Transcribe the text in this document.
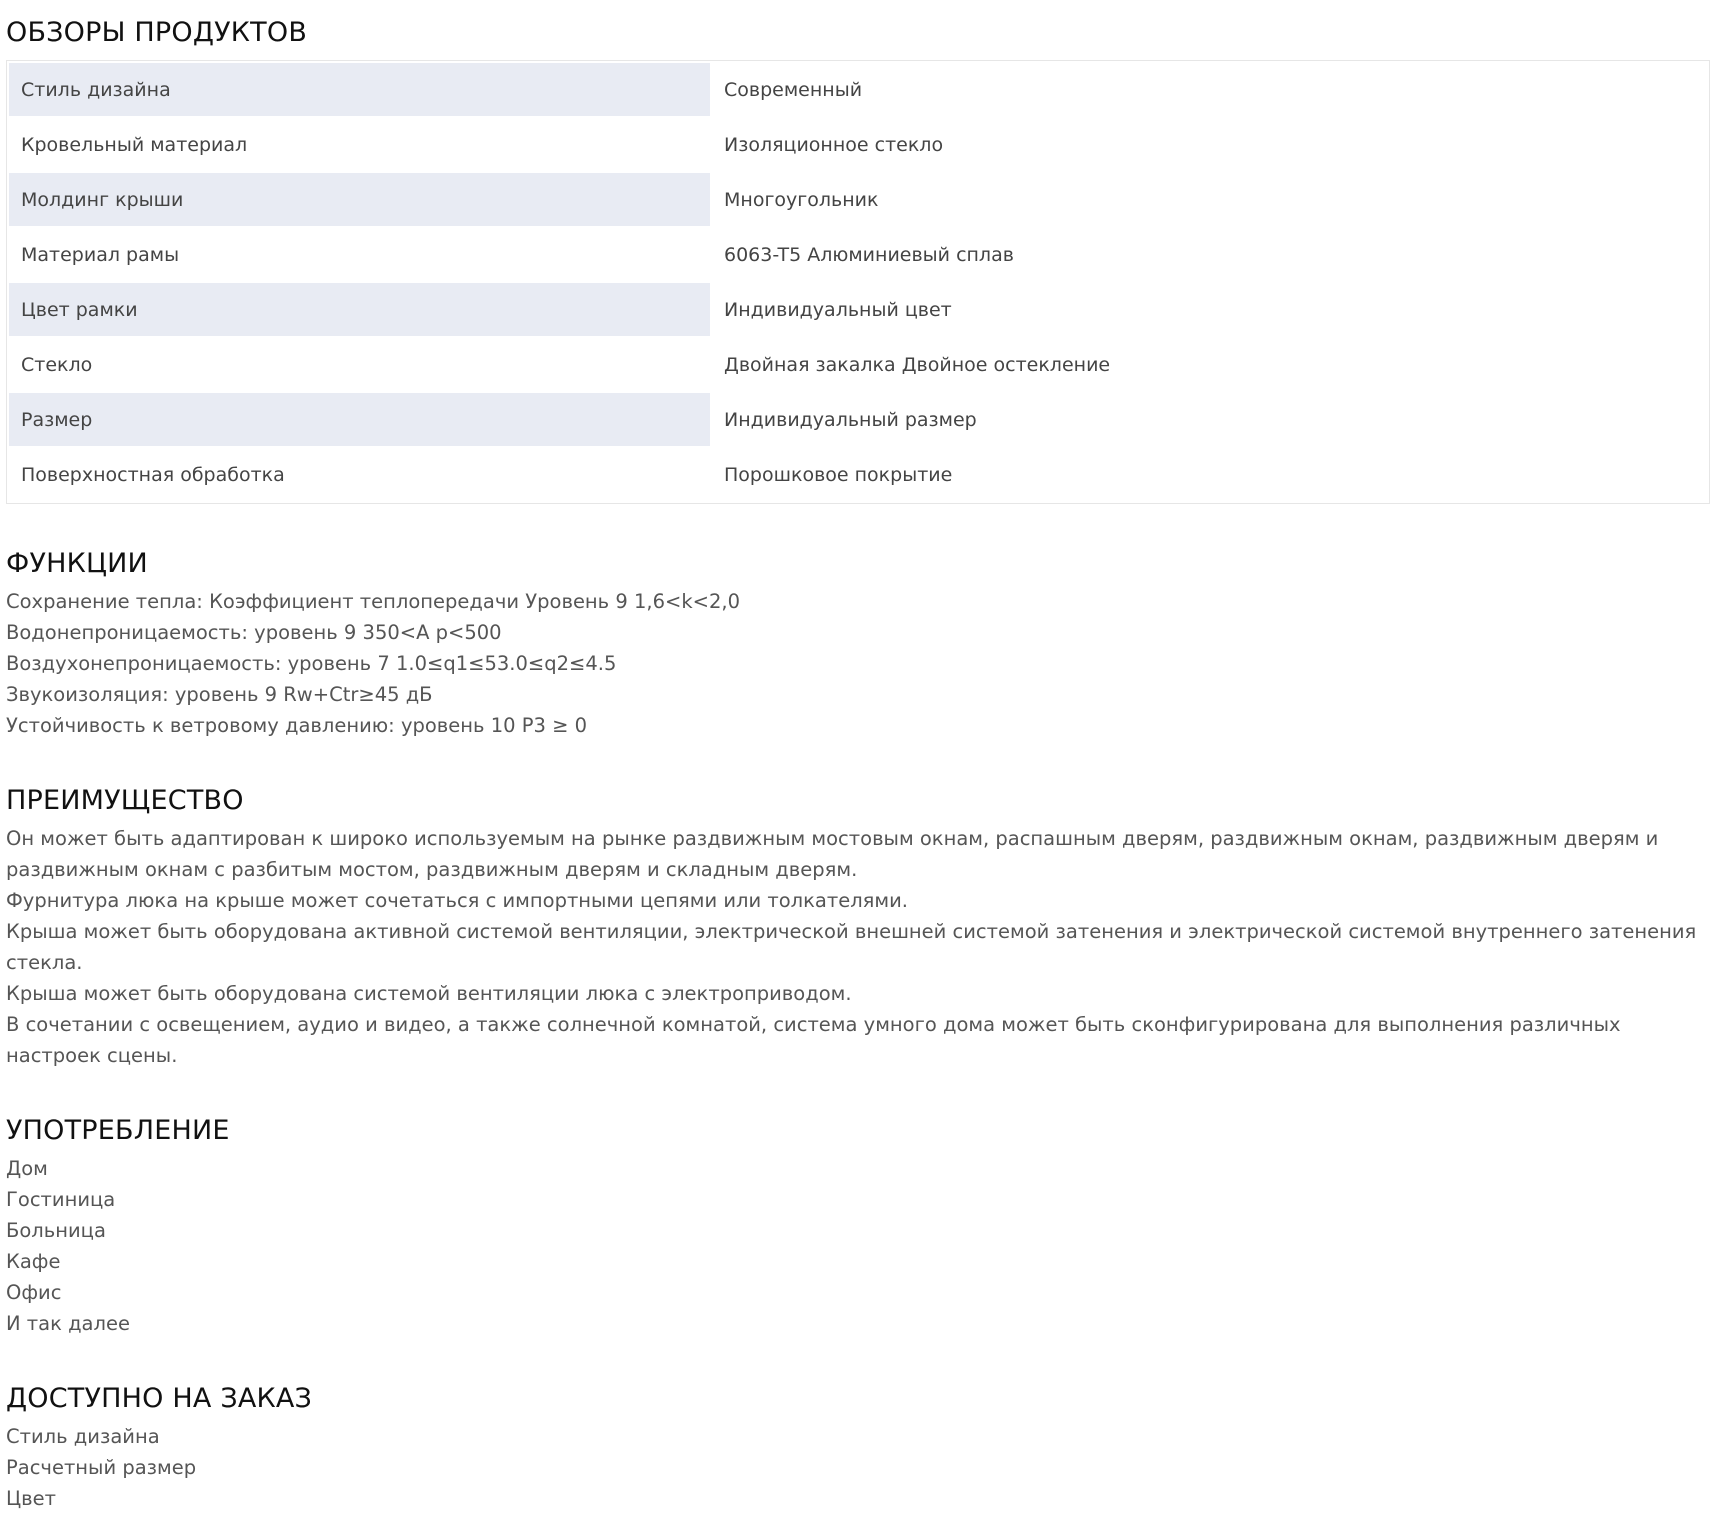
ОБЗОРЫ ПРОДУКТОВ
Стиль дизайна	Современный
Кровельный материал	Изоляционное стекло
Молдинг крыши	Многоугольник
Материал рамы	6063-T5 Алюминиевый сплав
Цвет рамки	Индивидуальный цвет
Стекло	Двойная закалка Двойное остекление
Размер	Индивидуальный размер
Поверхностная обработка	Порошковое покрытие
ФУНКЦИИ
Сохранение тепла: Коэффициент теплопередачи Уровень 9 1,6<k<2,0
Водонепроницаемость: уровень 9 350<A p<500
Воздухонепроницаемость: уровень 7 1.0≤q1≤53.0≤q2≤4.5
Звукоизоляция: уровень 9 Rw+Ctr≥45 дБ
Устойчивость к ветровому давлению: уровень 10 P3 ≥ 0
ПРЕИМУЩЕСТВО
Он может быть адаптирован к широко используемым на рынке раздвижным мостовым окнам, распашным дверям, раздвижным окнам, раздвижным дверям и раздвижным окнам с разбитым мостом, раздвижным дверям и складным дверям.
Фурнитура люка на крыше может сочетаться с импортными цепями или толкателями.
Крыша может быть оборудована активной системой вентиляции, электрической внешней системой затенения и электрической системой внутреннего затенения стекла.
Крыша может быть оборудована системой вентиляции люка с электроприводом.
В сочетании с освещением, аудио и видео, а также солнечной комнатой, система умного дома может быть сконфигурирована для выполнения различных настроек сцены.
УПОТРЕБЛЕНИЕ
Дом
Гостиница
Больница
Кафе
Офис
И так далее
ДОСТУПНО НА ЗАКАЗ
Стиль дизайна
Расчетный размер
Цвет
